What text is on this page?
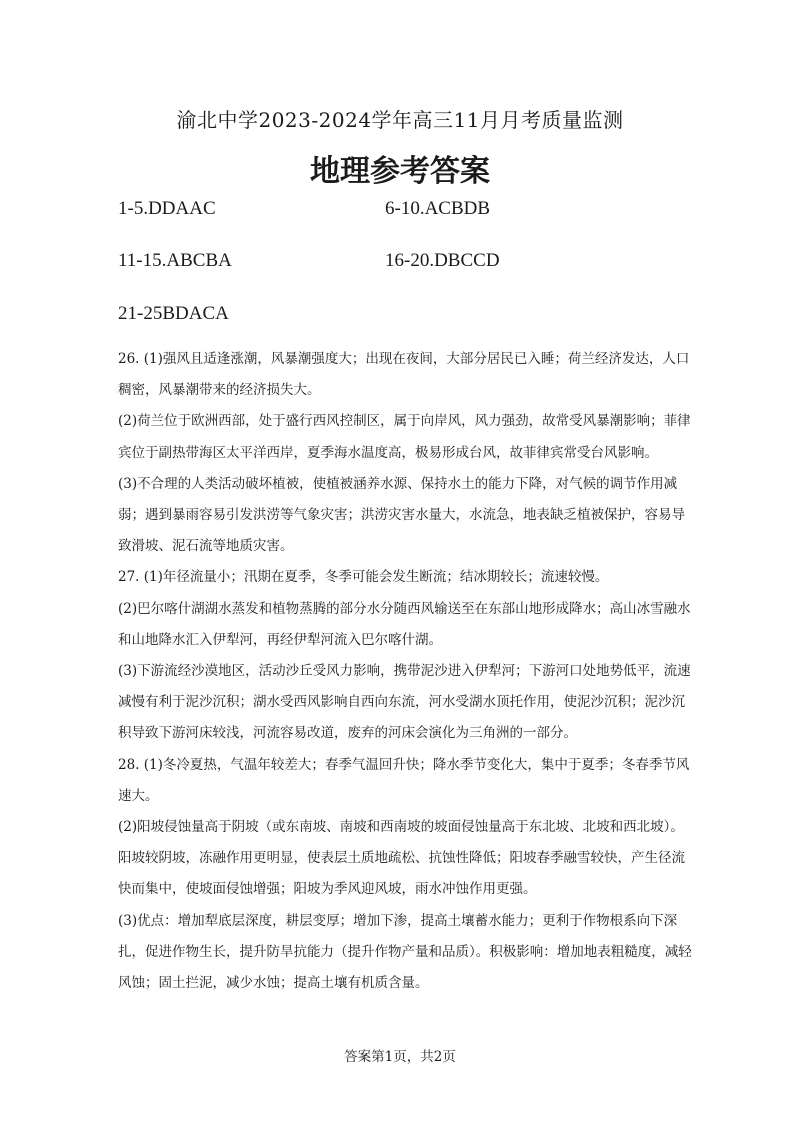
渝北中学2023-2024学年高三11月月考质量监测
地理参考答案
1-5.DDAAC	6-10.ACBDB
11-15.ABCBA	16-20.DBCCD
21-25BDACA

26. (1)强风且适逢涨潮，风暴潮强度大；出现在夜间，大部分居民已入睡；荷兰经济发达，人口稠密，风暴潮带来的经济损失大。

(2)荷兰位于欧洲西部，处于盛行西风控制区，属于向岸风，风力强劲，故常受风暴潮影响；菲律宾位于副热带海区太平洋西岸，夏季海水温度高，极易形成台风，故菲律宾常受台风影响。

(3)不合理的人类活动破坏植被，使植被涵养水源、保持水土的能力下降，对气候的调节作用减弱；遇到暴雨容易引发洪涝等气象灾害；洪涝灾害水量大，水流急，地表缺乏植被保护，容易导致滑坡、泥石流等地质灾害。

27. (1)年径流量小；汛期在夏季，冬季可能会发生断流；结冰期较长；流速较慢。

(2)巴尔喀什湖湖水蒸发和植物蒸腾的部分水分随西风输送至在东部山地形成降水；高山冰雪融水和山地降水汇入伊犁河，再经伊犁河流入巴尔喀什湖。

(3)下游流经沙漠地区，活动沙丘受风力影响，携带泥沙进入伊犁河；下游河口处地势低平，流速减慢有利于泥沙沉积；湖水受西风影响自西向东流，河水受湖水顶托作用，使泥沙沉积；泥沙沉积导致下游河床较浅，河流容易改道，废弃的河床会演化为三角洲的一部分。

28. (1)冬冷夏热，气温年较差大；春季气温回升快；降水季节变化大，集中于夏季；冬春季节风速大。

(2)阳坡侵蚀量高于阴坡（或东南坡、南坡和西南坡的坡面侵蚀量高于东北坡、北坡和西北坡）。阳坡较阴坡，冻融作用更明显，使表层土质地疏松、抗蚀性降低；阳坡春季融雪较快，产生径流快而集中，使坡面侵蚀增强；阳坡为季风迎风坡，雨水冲蚀作用更强。

(3)优点：增加犁底层深度，耕层变厚；增加下渗，提高土壤蓄水能力；更利于作物根系向下深扎，促进作物生长，提升防旱抗能力（提升作物产量和品质）。积极影响：增加地表粗糙度，减轻风蚀；固土拦泥，减少水蚀；提高土壤有机质含量。

答案第1页，共2页
